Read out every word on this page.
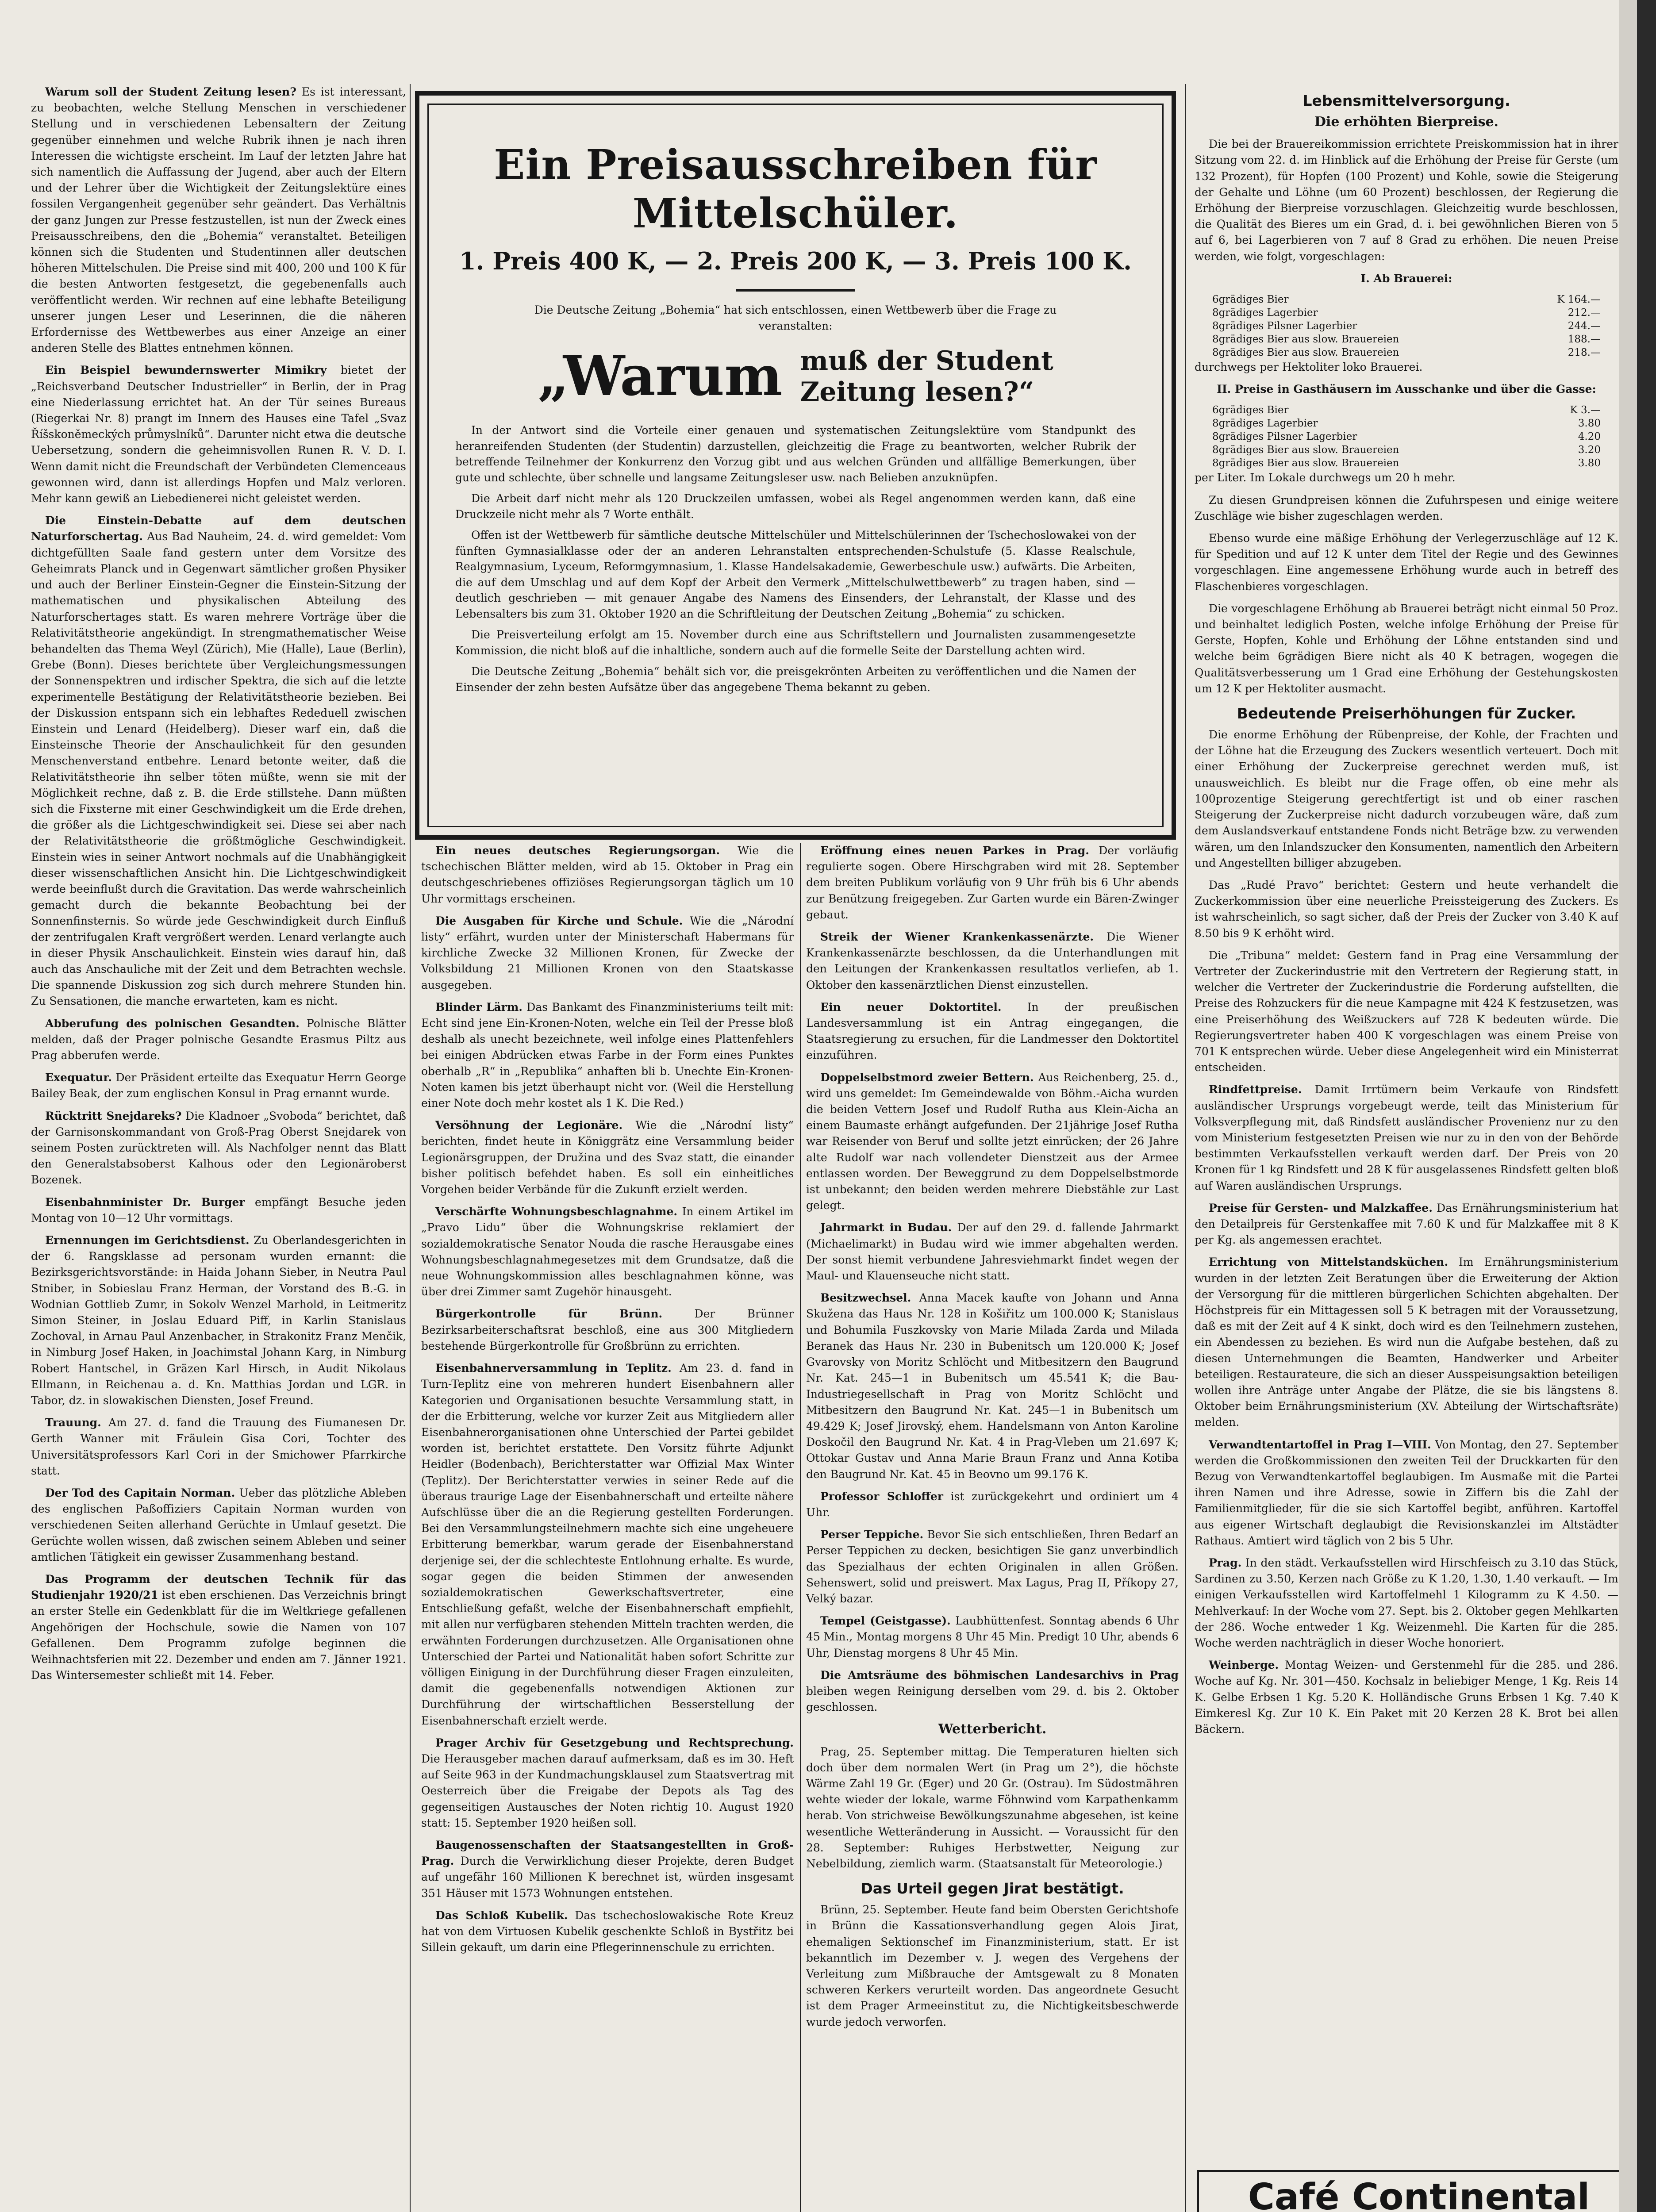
Warum soll der Student Zeitung lesen? Es ist interessant, zu beobachten, welche Stellung Menschen in verschiedener Stellung und in verschiedenen Lebensaltern der Zeitung gegenüber einnehmen und welche Rubrik ihnen je nach ihren Interessen die wichtigste erscheint. Im Lauf der letzten Jahre hat sich namentlich die Auffassung der Jugend, aber auch der Eltern und der Lehrer über die Wichtigkeit der Zeitungslektüre eines fossilen Vergangenheit gegenüber sehr geändert. Das Verhältnis der ganz Jungen zur Presse festzustellen, ist nun der Zweck eines Preisausschreibens, den die „Bohemia“ veranstaltet. Beteiligen können sich die Studenten und Studentinnen aller deutschen höheren Mittelschulen. Die Preise sind mit 400, 200 und 100 K für die besten Antworten festgesetzt, die gegebenenfalls auch veröffentlicht werden. Wir rechnen auf eine lebhafte Beteiligung unserer jungen Leser und Leserinnen, die die näheren Erfordernisse des Wettbewerbes aus einer Anzeige an einer anderen Stelle des Blattes entnehmen können.

Ein Beispiel bewundernswerter Mimikry bietet der „Reichsverband Deutscher Industrieller“ in Berlin, der in Prag eine Niederlassung errichtet hat. An der Tür seines Bureaus (Riegerkai Nr. 8) prangt im Innern des Hauses eine Tafel „Svaz Říšskoněmeckých průmyslníků“. Darunter nicht etwa die deutsche Uebersetzung, sondern die geheimnisvollen Runen R. V. D. I. Wenn damit nicht die Freundschaft der Verbündeten Clemenceaus gewonnen wird, dann ist allerdings Hopfen und Malz verloren. Mehr kann gewiß an Liebedienerei nicht geleistet werden.

Die Einstein-Debatte auf dem deutschen Naturforschertag. Aus Bad Nauheim, 24. d. wird gemeldet: Vom dichtgefüllten Saale fand gestern unter dem Vorsitze des Geheimrats Planck und in Gegenwart sämtlicher großen Physiker und auch der Berliner Einstein-Gegner die Einstein-Sitzung der mathematischen und physikalischen Abteilung des Naturforschertages statt. Es waren mehrere Vorträge über die Relativitätstheorie angekündigt. In strengmathematischer Weise behandelten das Thema Weyl (Zürich), Mie (Halle), Laue (Berlin), Grebe (Bonn). Dieses berichtete über Vergleichungsmessungen der Sonnenspektren und irdischer Spektra, die sich auf die letzte experimentelle Bestätigung der Relativitätstheorie bezieben. Bei der Diskussion entspann sich ein lebhaftes Rededuell zwischen Einstein und Lenard (Heidelberg). Dieser warf ein, daß die Einsteinsche Theorie der Anschaulichkeit für den gesunden Menschenverstand entbehre. Lenard betonte weiter, daß die Relativitätstheorie ihn selber töten müßte, wenn sie mit der Möglichkeit rechne, daß z. B. die Erde stillstehe. Dann müßten sich die Fixsterne mit einer Geschwindigkeit um die Erde drehen, die größer als die Lichtgeschwindigkeit sei. Diese sei aber nach der Relativitätstheorie die größtmögliche Geschwindigkeit. Einstein wies in seiner Antwort nochmals auf die Unabhängigkeit dieser wissenschaftlichen Ansicht hin. Die Lichtgeschwindigkeit werde beeinflußt durch die Gravitation. Das werde wahrscheinlich gemacht durch die bekannte Beobachtung bei der Sonnenfinsternis. So würde jede Geschwindigkeit durch Einfluß der zentrifugalen Kraft vergrößert werden. Lenard verlangte auch in dieser Physik Anschaulichkeit. Einstein wies darauf hin, daß auch das Anschauliche mit der Zeit und dem Betrachten wechsle. Die spannende Diskussion zog sich durch mehrere Stunden hin. Zu Sensationen, die manche erwarteten, kam es nicht.

Abberufung des polnischen Gesandten. Polnische Blätter melden, daß der Prager polnische Gesandte Erasmus Piltz aus Prag abberufen werde.

Exequatur. Der Präsident erteilte das Exequatur Herrn George Bailey Beak, der zum englischen Konsul in Prag ernannt wurde.

Rücktritt Snejdareks? Die Kladnoer „Svoboda“ berichtet, daß der Garnisonskommandant von Groß-Prag Oberst Snejdarek von seinem Posten zurücktreten will. Als Nachfolger nennt das Blatt den Generalstabsoberst Kalhous oder den Legionäroberst Bozenek.

Eisenbahnminister Dr. Burger empfängt Besuche jeden Montag von 10—12 Uhr vormittags.

Ernennungen im Gerichtsdienst. Zu Oberlandesgerichten in der 6. Rangsklasse ad personam wurden ernannt: die Bezirksgerichtsvorstände: in Haida Johann Sieber, in Neutra Paul Stniber, in Sobieslau Franz Herman, der Vorstand des B.-G. in Wodnian Gottlieb Zumr, in Sokolv Wenzel Marhold, in Leitmeritz Simon Steiner, in Joslau Eduard Piff, in Karlin Stanislaus Zochoval, in Arnau Paul Anzenbacher, in Strakonitz Franz Menčik, in Nimburg Josef Haken, in Joachimstal Johann Karg, in Nimburg Robert Hantschel, in Gräzen Karl Hirsch, in Audit Nikolaus Ellmann, in Reichenau a. d. Kn. Matthias Jordan und LGR. in Tabor, dz. in slowakischen Diensten, Josef Freund.

Trauung. Am 27. d. fand die Trauung des Fiumanesen Dr. Gerth Wanner mit Fräulein Gisa Cori, Tochter des Universitätsprofessors Karl Cori in der Smichower Pfarrkirche statt.

Der Tod des Capitain Norman. Ueber das plötzliche Ableben des englischen Paßoffiziers Capitain Norman wurden von verschiedenen Seiten allerhand Gerüchte in Umlauf gesetzt. Die Gerüchte wollen wissen, daß zwischen seinem Ableben und seiner amtlichen Tätigkeit ein gewisser Zusammenhang bestand.

Das Programm der deutschen Technik für das Studienjahr 1920/21 ist eben erschienen. Das Verzeichnis bringt an erster Stelle ein Gedenkblatt für die im Weltkriege gefallenen Angehörigen der Hochschule, sowie die Namen von 107 Gefallenen. Dem Programm zufolge beginnen die Weihnachtsferien mit 22. Dezember und enden am 7. Jänner 1921. Das Wintersemester schließt mit 14. Feber.

Ein Preisausschreiben für Mittelschüler.
1. Preis 400 K, — 2. Preis 200 K, — 3. Preis 100 K.
Die Deutsche Zeitung „Bohemia“ hat sich entschlossen, einen Wettbewerb über die Frage zu veranstalten:
„Warum muß der Student
Zeitung lesen?“

In der Antwort sind die Vorteile einer genauen und systematischen Zeitungslektüre vom Standpunkt des heranreifenden Studenten (der Studentin) darzustellen, gleichzeitig die Frage zu beantworten, welcher Rubrik der betreffende Teilnehmer der Konkurrenz den Vorzug gibt und aus welchen Gründen und allfällige Bemerkungen, über gute und schlechte, über schnelle und langsame Zeitungsleser usw. nach Belieben anzuknüpfen.

Die Arbeit darf nicht mehr als 120 Druckzeilen umfassen, wobei als Regel angenommen werden kann, daß eine Druckzeile nicht mehr als 7 Worte enthält.

Offen ist der Wettbewerb für sämtliche deutsche Mittelschüler und Mittelschülerinnen der Tschechoslowakei von der fünften Gymnasialklasse oder der an anderen Lehranstalten entsprechenden-Schulstufe (5. Klasse Realschule, Realgymnasium, Lyceum, Reformgymnasium, 1. Klasse Handelsakademie, Gewerbeschule usw.) aufwärts. Die Arbeiten, die auf dem Umschlag und auf dem Kopf der Arbeit den Vermerk „Mittelschulwettbewerb“ zu tragen haben, sind — deutlich geschrieben — mit genauer Angabe des Namens des Einsenders, der Lehranstalt, der Klasse und des Lebensalters bis zum 31. Oktober 1920 an die Schriftleitung der Deutschen Zeitung „Bohemia“ zu schicken.

Die Preisverteilung erfolgt am 15. November durch eine aus Schriftstellern und Journalisten zusammengesetzte Kommission, die nicht bloß auf die inhaltliche, sondern auch auf die formelle Seite der Darstellung achten wird.

Die Deutsche Zeitung „Bohemia“ behält sich vor, die preisgekrönten Arbeiten zu veröffentlichen und die Namen der Einsender der zehn besten Aufsätze über das angegebene Thema bekannt zu geben.

Ein neues deutsches Regierungsorgan. Wie die tschechischen Blätter melden, wird ab 15. Oktober in Prag ein deutschgeschriebenes offiziöses Regierungsorgan täglich um 10 Uhr vormittags erscheinen.

Die Ausgaben für Kirche und Schule. Wie die „Národní listy“ erfährt, wurden unter der Ministerschaft Habermans für kirchliche Zwecke 32 Millionen Kronen, für Zwecke der Volksbildung 21 Millionen Kronen von den Staatskasse ausgegeben.

Blinder Lärm. Das Bankamt des Finanzministeriums teilt mit: Echt sind jene Ein-Kronen-Noten, welche ein Teil der Presse bloß deshalb als unecht bezeichnete, weil infolge eines Plattenfehlers bei einigen Abdrücken etwas Farbe in der Form eines Punktes oberhalb „R“ in „Republika“ anhaften bli b. Unechte Ein-Kronen-Noten kamen bis jetzt überhaupt nicht vor. (Weil die Herstellung einer Note doch mehr kostet als 1 K. Die Red.)

Versöhnung der Legionäre. Wie die „Národní listy“ berichten, findet heute in Königgrätz eine Versammlung beider Legionärsgruppen, der Družina und des Svaz statt, die einander bisher politisch befehdet haben. Es soll ein einheitliches Vorgehen beider Verbände für die Zukunft erzielt werden.

Verschärfte Wohnungsbeschlagnahme. In einem Artikel im „Pravo Lidu“ über die Wohnungskrise reklamiert der sozialdemokratische Senator Nouda die rasche Herausgabe eines Wohnungsbeschlagnahmegesetzes mit dem Grundsatze, daß die neue Wohnungskommission alles beschlagnahmen könne, was über drei Zimmer samt Zugehör hinausgeht.

Bürgerkontrolle für Brünn.	Der Brünner Bezirksarbeiterschaftsrat beschloß, eine aus 300 Mitgliedern bestehende Bürgerkontrolle für Großbrünn zu errichten.

Eisenbahnerversammlung in Teplitz. Am 23. d. fand in Turn-Teplitz eine von mehreren hundert Eisenbahnern aller Kategorien und Organisationen besuchte Versammlung statt, in der die Erbitterung, welche vor kurzer Zeit aus Mitgliedern aller Eisenbahnerorganisationen ohne Unterschied der Partei gebildet worden ist, berichtet erstattete. Den Vorsitz führte Adjunkt Heidler (Bodenbach), Berichterstatter war Offizial Max Winter (Teplitz). Der Berichterstatter verwies in seiner Rede auf die überaus traurige Lage der Eisenbahnerschaft und erteilte nähere Aufschlüsse über die an die Regierung gestellten Forderungen. Bei den Versammlungsteilnehmern machte sich eine ungeheuere Erbitterung bemerkbar, warum gerade der Eisenbahnerstand derjenige sei, der die schlechteste Entlohnung erhalte. Es wurde, sogar gegen die beiden Stimmen der anwesenden sozialdemokratischen Gewerkschaftsvertreter, eine Entschließung gefaßt, welche der Eisenbahnerschaft empfiehlt, mit allen nur verfügbaren stehenden Mitteln trachten werden, die erwähnten Forderungen durchzusetzen. Alle Organisationen ohne Unterschied der Partei und Nationalität haben sofort Schritte zur völligen Einigung in der Durchführung dieser Fragen einzuleiten, damit die gegebenenfalls notwendigen Aktionen zur Durchführung der wirtschaftlichen Besserstellung der Eisenbahnerschaft erzielt werde.

Prager Archiv für Gesetzgebung und Rechtsprechung. Die Herausgeber machen darauf aufmerksam, daß es im 30. Heft auf Seite 963 in der Kundmachungsklausel zum Staatsvertrag mit Oesterreich über die Freigabe der Depots als Tag des gegenseitigen Austausches der Noten richtig 10. August 1920 statt: 15. September 1920 heißen soll.

Baugenossenschaften der Staatsangestellten in Groß-Prag. Durch die Verwirklichung dieser Projekte, deren Budget auf ungefähr 160 Millionen K berechnet ist, würden insgesamt 351 Häuser mit 1573 Wohnungen entstehen.

Das Schloß Kubelik. Das tschechoslowakische Rote Kreuz hat von dem Virtuosen Kubelik geschenkte Schloß in Bystřitz bei Sillein gekauft, um darin eine Pflegerinnenschule zu errichten.

Eröffnung eines neuen Parkes in Prag. Der vorläufig regulierte sogen. Obere Hirschgraben wird mit 28. September dem breiten Publikum vorläufig von 9 Uhr früh bis 6 Uhr abends zur Benützung freigegeben. Zur Garten wurde ein Bären-Zwinger gebaut.

Streik der Wiener Krankenkassenärzte. Die Wiener Krankenkassenärzte beschlossen, da die Unterhandlungen mit den Leitungen der Krankenkassen resultatlos verliefen, ab 1. Oktober den kassenärztlichen Dienst einzustellen.

Ein neuer Doktortitel. In der preußischen Landesversammlung ist ein Antrag eingegangen, die Staatsregierung zu ersuchen, für die Landmesser den Doktortitel einzuführen.

Doppelselbstmord zweier Bettern. Aus Reichenberg, 25. d., wird uns gemeldet: Im Gemeindewalde von Böhm.-Aicha wurden die beiden Vettern Josef und Rudolf Rutha aus Klein-Aicha an einem Baumaste erhängt aufgefunden. Der 21jährige Josef Rutha war Reisender von Beruf und sollte jetzt einrücken; der 26 Jahre alte Rudolf war nach vollendeter Dienstzeit aus der Armee entlassen worden. Der Beweggrund zu dem Doppelselbstmorde ist unbekannt; den beiden werden mehrere Diebstähle zur Last gelegt.

Jahrmarkt in Budau. Der auf den 29. d. fallende Jahrmarkt (Michaelimarkt) in Budau wird wie immer abgehalten werden. Der sonst hiemit verbundene Jahresviehmarkt findet wegen der Maul- und Klauenseuche nicht statt.

Besitzwechsel. Anna Macek kaufte von Johann und Anna Skužena das Haus Nr. 128 in Košiřitz um 100.000 K; Stanislaus und Bohumila Fuszkovsky von Marie Milada Zarda und Milada Beranek das Haus Nr. 230 in Bubenitsch um 120.000 K; Josef Gvarovsky von Moritz Schlöcht und Mitbesitzern den Baugrund Nr. Kat. 245—1 in Bubenitsch um 45.541 K; die Bau-Industriegesellschaft in Prag von Moritz Schlöcht und Mitbesitzern den Baugrund Nr. Kat. 245—1 in Bubenitsch um 49.429 K; Josef Jirovský, ehem. Handelsmann von Anton Karoline Doskočil den Baugrund Nr. Kat. 4 in Prag-Vleben um 21.697 K; Ottokar Gustav und Anna Marie Braun Franz und Anna Kotiba den Baugrund Nr. Kat. 45 in Beovno um 99.176 K.

Professor Schloffer ist zurückgekehrt und ordiniert um 4 Uhr.

Perser Teppiche. Bevor Sie sich entschließen, Ihren Bedarf an Perser Teppichen zu decken, besichtigen Sie ganz unverbindlich das Spezialhaus der echten Originalen in allen Größen. Sehenswert, solid und preiswert. Max Lagus, Prag II, Příkopy 27, Velký bazar.

Tempel (Geistgasse). Laubhüttenfest. Sonntag abends 6 Uhr 45 Min., Montag morgens 8 Uhr 45 Min. Predigt 10 Uhr, abends 6 Uhr, Dienstag morgens 8 Uhr 45 Min.

Die Amtsräume des böhmischen Landesarchivs in Prag bleiben wegen Reinigung derselben vom 29. d. bis 2. Oktober geschlossen.

Wetterbericht.

Prag, 25. September mittag. Die Temperaturen hielten sich doch über dem normalen Wert (in Prag um 2°), die höchste Wärme Zahl 19 Gr. (Eger) und 20 Gr. (Ostrau). Im Südostmähren wehte wieder der lokale, warme Föhnwind vom Karpathenkamm herab. Von strichweise Bewölkungszunahme abgesehen, ist keine wesentliche Wetteränderung in Aussicht. — Voraussicht für den 28. September: Ruhiges Herbstwetter, Neigung zur Nebelbildung, ziemlich warm. (Staatsanstalt für Meteorologie.)

Das Urteil gegen Jirat bestätigt.

Brünn, 25. September. Heute fand beim Obersten Gerichtshofe in Brünn die Kassationsverhandlung gegen Alois Jirat, ehemaligen Sektionschef im Finanzministerium, statt. Er ist bekanntlich im Dezember v. J. wegen des Vergehens der Verleitung zum Mißbrauche der Amtsgewalt zu 8 Monaten schweren Kerkers verurteilt worden. Das angeordnete Gesucht ist dem Prager Armeeinstitut zu, die Nichtigkeitsbeschwerde wurde jedoch verworfen.

Lebensmittelversorgung.
Die erhöhten Bierpreise.

Die bei der Brauereikommission errichtete Preiskommission hat in ihrer Sitzung vom 22. d. im Hinblick auf die Erhöhung der Preise für Gerste (um 132 Prozent), für Hopfen (100 Prozent) und Kohle, sowie die Steigerung der Gehalte und Löhne (um 60 Prozent) beschlossen, der Regierung die Erhöhung der Bierpreise vorzuschlagen. Gleichzeitig wurde beschlossen, die Qualität des Bieres um ein Grad, d. i. bei gewöhnlichen Bieren von 5 auf 6, bei Lagerbieren von 7 auf 8 Grad zu erhöhen. Die neuen Preise werden, wie folgt, vorgeschlagen:

I. Ab Brauerei:
6grädiges Bier	K 164.—
8grädiges Lagerbier	212.—
8grädiges Pilsner Lagerbier	244.—
8grädiges Bier aus slow. Brauereien	188.—
8grädiges Bier aus slow. Brauereien	218.—

durchwegs per Hektoliter loko Brauerei.

II. Preise in Gasthäusern im Ausschanke und über die Gasse:
6grädiges Bier	K 3.—
8grädiges Lagerbier	3.80
8grädiges Pilsner Lagerbier	4.20
8grädiges Bier aus slow. Brauereien	3.20
8grädiges Bier aus slow. Brauereien	3.80

per Liter. Im Lokale durchwegs um 20 h mehr.

Zu diesen Grundpreisen können die Zufuhrspesen und einige weitere Zuschläge wie bisher zugeschlagen werden.

Ebenso wurde eine mäßige Erhöhung der Verlegerzuschläge auf 12 K. für Spedition und auf 12 K unter dem Titel der Regie und des Gewinnes vorgeschlagen. Eine angemessene Erhöhung wurde auch in betreff des Flaschenbieres vorgeschlagen.

Die vorgeschlagene Erhöhung ab Brauerei beträgt nicht einmal 50 Proz. und beinhaltet lediglich Posten, welche infolge Erhöhung der Preise für Gerste, Hopfen, Kohle und Erhöhung der Löhne entstanden sind und welche beim 6grädigen Biere nicht als 40 K betragen, wogegen die Qualitätsverbesserung um 1 Grad eine Erhöhung der Gestehungskosten um 12 K per Hektoliter ausmacht.

Bedeutende Preiserhöhungen für Zucker.

Die enorme Erhöhung der Rübenpreise, der Kohle, der Frachten und der Löhne hat die Erzeugung des Zuckers wesentlich verteuert. Doch mit einer Erhöhung der Zuckerpreise gerechnet werden muß, ist unausweichlich. Es bleibt nur die Frage offen, ob eine mehr als 100prozentige Steigerung gerechtfertigt ist und ob einer raschen Steigerung der Zuckerpreise nicht dadurch vorzubeugen wäre, daß zum dem Auslandsverkauf entstandene Fonds nicht Beträge bzw. zu verwenden wären, um den Inlandszucker den Konsumenten, namentlich den Arbeitern und Angestellten billiger abzugeben.

Das „Rudé Pravo“ berichtet: Gestern und heute verhandelt die Zuckerkommission über eine neuerliche Preissteigerung des Zuckers. Es ist wahrscheinlich, so sagt sicher, daß der Preis der Zucker von 3.40 K auf 8.50 bis 9 K erhöht wird.

Die „Tribuna“ meldet: Gestern fand in Prag eine Versammlung der Vertreter der Zuckerindustrie mit den Vertretern der Regierung statt, in welcher die Vertreter der Zuckerindustrie die Forderung aufstellten, die Preise des Rohzuckers für die neue Kampagne mit 424 K festzusetzen, was eine Preiserhöhung des Weißzuckers auf 728 K bedeuten würde. Die Regierungsvertreter haben 400 K vorgeschlagen was einem Preise von 701 K entsprechen würde. Ueber diese Angelegenheit wird ein Ministerrat entscheiden.

Rindfettpreise. Damit Irrtümern beim Verkaufe von Rindsfett ausländischer Ursprungs vorgebeugt werde, teilt das Ministerium für Volksverpflegung mit, daß Rindsfett ausländischer Provenienz nur zu den vom Ministerium festgesetzten Preisen wie nur zu in den von der Behörde bestimmten Verkaufsstellen verkauft werden darf. Der Preis von 20 Kronen für 1 kg Rindsfett und 28 K für ausgelassenes Rindsfett gelten bloß auf Waren ausländischen Ursprungs.

Preise für Gersten- und Malzkaffee. Das Ernährungsministerium hat den Detailpreis für Gerstenkaffee mit 7.60 K und für Malzkaffee mit 8 K per Kg. als angemessen erachtet.

Errichtung von Mittelstandsküchen. Im Ernährungsministerium wurden in der letzten Zeit Beratungen über die Erweiterung der Aktion der Versorgung für die mittleren bürgerlichen Schichten abgehalten. Der Höchstpreis für ein Mittagessen soll 5 K betragen mit der Voraussetzung, daß es mit der Zeit auf 4 K sinkt, doch wird es den Teilnehmern zustehen, ein Abendessen zu beziehen. Es wird nun die Aufgabe bestehen, daß zu diesen Unternehmungen die Beamten, Handwerker und Arbeiter beteiligen. Restaurateure, die sich an dieser Ausspeisungsaktion beteiligen wollen ihre Anträge unter Angabe der Plätze, die sie bis längstens 8. Oktober beim Ernährungsministerium (XV. Abteilung der Wirtschaftsräte) melden.

Verwandtentartoffel in Prag I—VIII. Von Montag, den 27. September werden die Großkommissionen den zweiten Teil der Druckkarten für den Bezug von Verwandtenkartoffel beglaubigen. Im Ausmaße mit die Partei ihren Namen und ihre Adresse, sowie in Ziffern bis die Zahl der Familienmitglieder, für die sie sich Kartoffel begibt, anführen. Kartoffel aus eigener Wirtschaft deglaubigt die Revisionskanzlei im Altstädter Rathaus. Amtiert wird täglich von 2 bis 5 Uhr.

Prag. In den städt. Verkaufsstellen wird Hirschfeisch zu 3.10 das Stück, Sardinen zu 3.50, Kerzen nach Größe zu K 1.20, 1.30, 1.40 verkauft. — Im einigen Verkaufsstellen wird Kartoffelmehl 1 Kilogramm zu K 4.50. — Mehlverkauf: In der Woche vom 27. Sept. bis 2. Oktober gegen Mehlkarten der 286. Woche entweder 1 Kg. Weizenmehl. Die Karten für die 285. Woche werden nachträglich in dieser Woche honoriert.

Weinberge. Montag Weizen- und Gerstenmehl für die 285. und 286. Woche auf Kg. Nr. 301—450. Kochsalz in beliebiger Menge, 1 Kg. Reis 14 K. Gelbe Erbsen 1 Kg. 5.20 K. Holländische Gruns Erbsen 1 Kg. 7.40 K Eimkeresl Kg. Zur 10 K. Ein Paket mit 20 Kerzen 28 K. Brot bei allen Bäckern.

Café Continental
